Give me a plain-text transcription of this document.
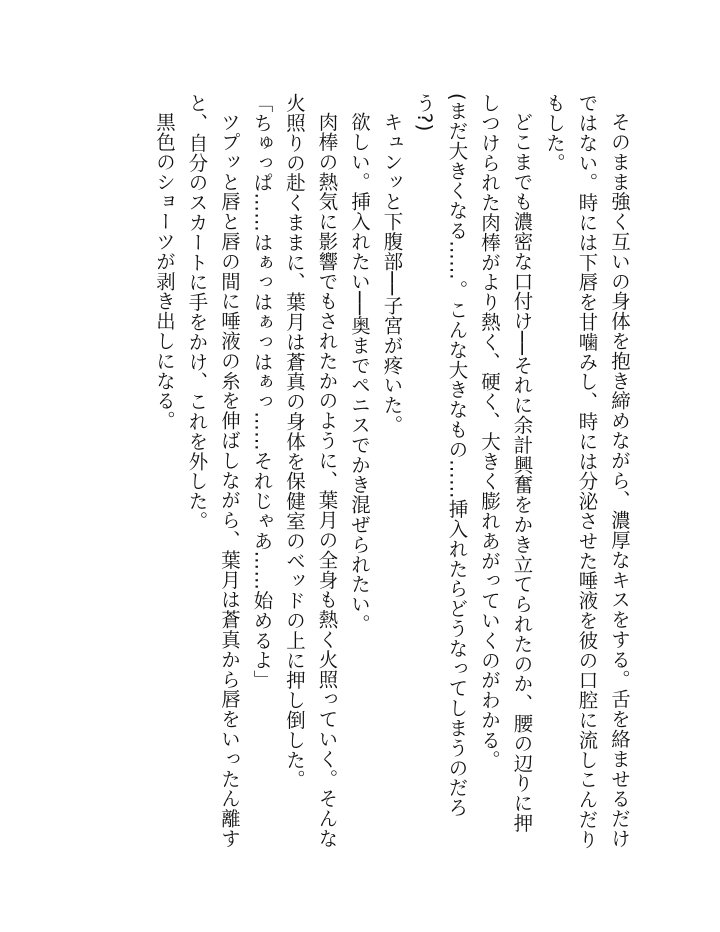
そのまま強く互いの身体を抱き締めながら、濃厚なキスをする。舌を絡ませるだけではない。時には下唇を甘噛みし、時には分泌させた唾液を彼の口腔に流しこんだりもした。

どこまでも濃密な口付け──それに余計興奮をかき立てられたのか、腰の辺りに押しつけられた肉棒がより熱く、硬く、大きく膨れあがっていくのがわかる。

(まだ大きくなる……。こんな大きなもの……挿入れたらどうなってしまうのだろう?)

キュンッと下腹部──子宮が疼いた。

欲しい。挿入れたい──奥までペニスでかき混ぜられたい。

肉棒の熱気に影響でもされたかのように、葉月の全身も熱く火照っていく。そんな火照りの赴くままに、葉月は蒼真の身体を保健室のベッドの上に押し倒した。

「ちゅっぱ……はぁっはぁっはぁっ……それじゃあ……始めるよ」

ツプッと唇と唇の間に唾液の糸を伸ばしながら、葉月は蒼真から唇をいったん離すと、自分のスカートに手をかけ、これを外した。

黒色のショーツが剥き出しになる。
